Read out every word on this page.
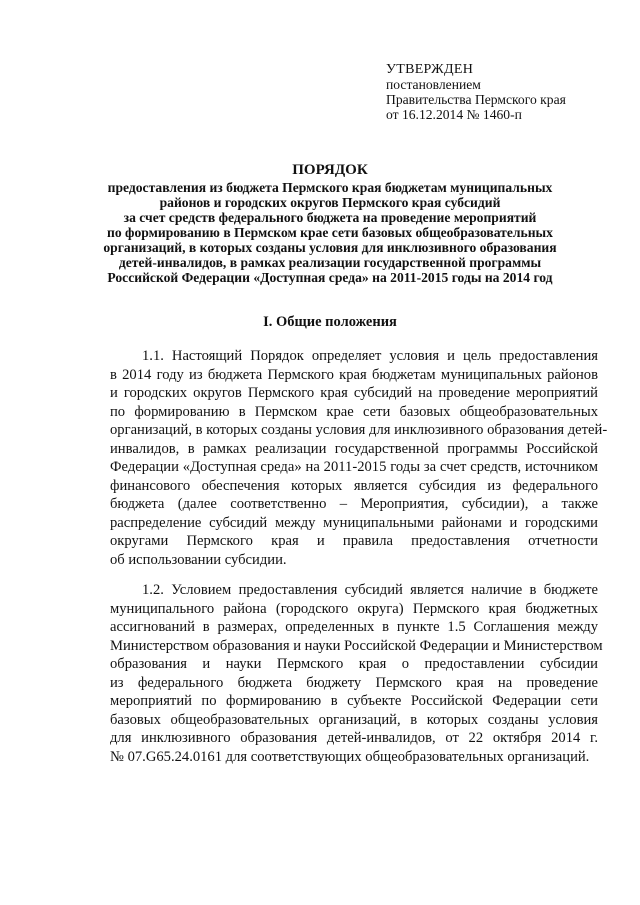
УТВЕРЖДЕН
постановлением
Правительства Пермского края
от 16.12.2014 № 1460-п
ПОРЯДОК
предоставления из бюджета Пермского края бюджетам муниципальных
районов и городских округов Пермского края субсидий
за счет средств федерального бюджета на проведение мероприятий
по формированию в Пермском крае сети базовых общеобразовательных
организаций, в которых созданы условия для инклюзивного образования
детей-инвалидов, в рамках реализации государственной программы
Российской Федерации «Доступная среда» на 2011-2015 годы на 2014 год
I. Общие положения
1.1. Настоящий Порядок определяет условия и цель предоставления
в 2014 году из бюджета Пермского края бюджетам муниципальных районов
и городских округов Пермского края субсидий на проведение мероприятий
по формированию в Пермском крае сети базовых общеобразовательных
организаций, в которых созданы условия для инклюзивного образования детей-
инвалидов, в рамках реализации государственной программы Российской
Федерации «Доступная среда» на 2011-2015 годы за счет средств, источником
финансового обеспечения которых является субсидия из федерального
бюджета (далее соответственно – Мероприятия, субсидии), а также
распределение субсидий между муниципальными районами и городскими
округами Пермского края и правила предоставления отчетности
об использовании субсидии.
1.2. Условием предоставления субсидий является наличие в бюджете
муниципального района (городского округа) Пермского края бюджетных
ассигнований в размерах, определенных в пункте 1.5 Соглашения между
Министерством образования и науки Российской Федерации и Министерством
образования и науки Пермского края о предоставлении субсидии
из федерального бюджета бюджету Пермского края на проведение
мероприятий по формированию в субъекте Российской Федерации сети
базовых общеобразовательных организаций, в которых созданы условия
для инклюзивного образования детей-инвалидов, от 22 октября 2014 г.
№ 07.G65.24.0161 для соответствующих общеобразовательных организаций.
